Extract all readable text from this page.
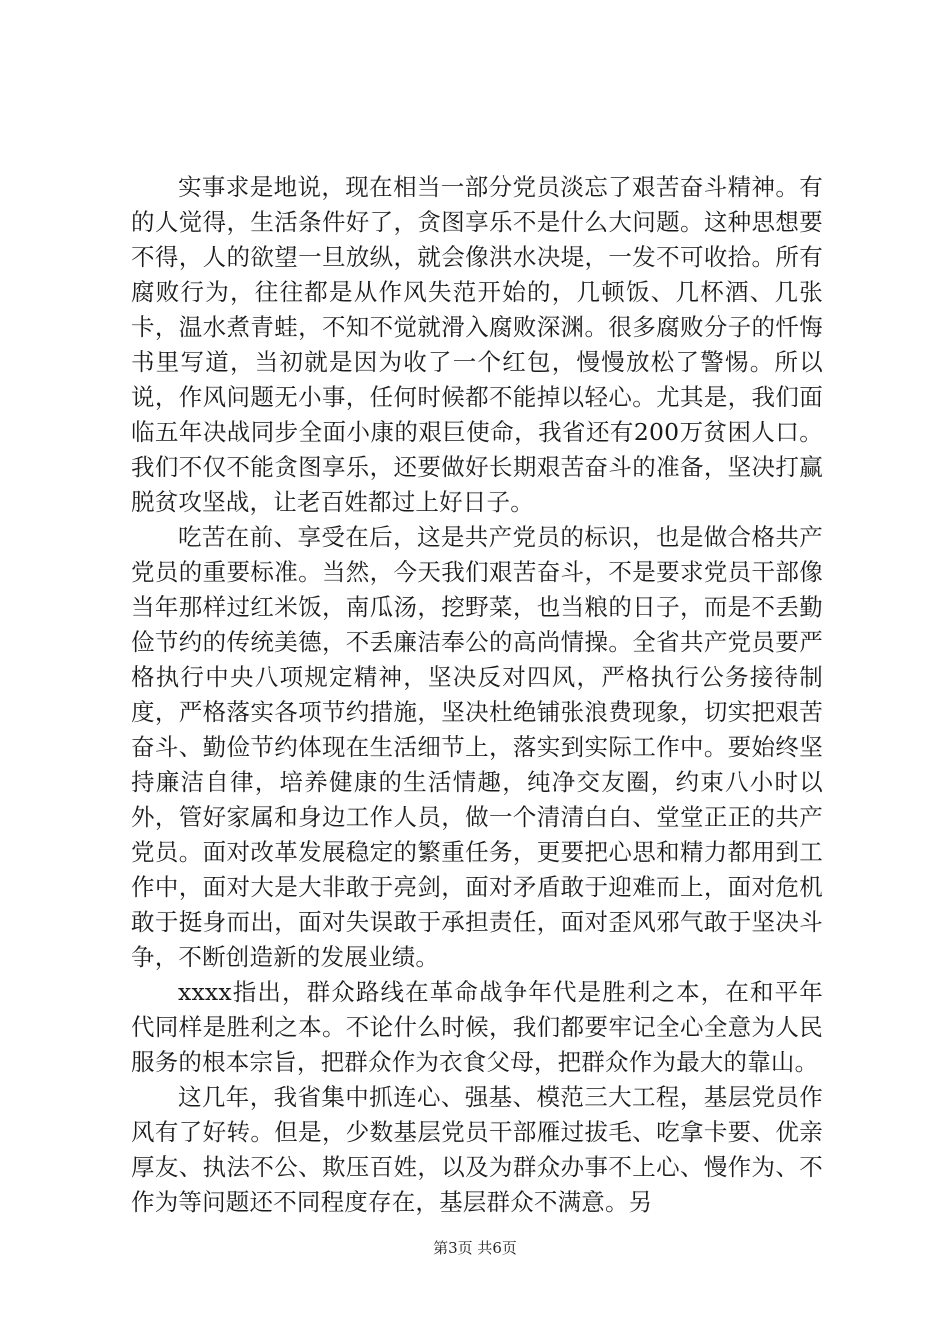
实事求是地说，现在相当一部分党员淡忘了艰苦奋斗精神。有的人觉得，生活条件好了，贪图享乐不是什么大问题。这种思想要不得，人的欲望一旦放纵，就会像洪水决堤，一发不可收拾。所有腐败行为，往往都是从作风失范开始的，几顿饭、几杯酒、几张卡，温水煮青蛙，不知不觉就滑入腐败深渊。很多腐败分子的忏悔书里写道，当初就是因为收了一个红包，慢慢放松了警惕。所以说，作风问题无小事，任何时候都不能掉以轻心。尤其是，我们面临五年决战同步全面小康的艰巨使命，我省还有200万贫困人口。我们不仅不能贪图享乐，还要做好长期艰苦奋斗的准备，坚决打赢脱贫攻坚战，让老百姓都过上好日子。

吃苦在前、享受在后，这是共产党员的标识，也是做合格共产党员的重要标准。当然，今天我们艰苦奋斗，不是要求党员干部像当年那样过红米饭，南瓜汤，挖野菜，也当粮的日子，而是不丢勤俭节约的传统美德，不丢廉洁奉公的高尚情操。全省共产党员要严格执行中央八项规定精神，坚决反对四风，严格执行公务接待制度，严格落实各项节约措施，坚决杜绝铺张浪费现象，切实把艰苦奋斗、勤俭节约体现在生活细节上，落实到实际工作中。要始终坚持廉洁自律，培养健康的生活情趣，纯净交友圈，约束八小时以外，管好家属和身边工作人员，做一个清清白白、堂堂正正的共产党员。面对改革发展稳定的繁重任务，更要把心思和精力都用到工作中，面对大是大非敢于亮剑，面对矛盾敢于迎难而上，面对危机敢于挺身而出，面对失误敢于承担责任，面对歪风邪气敢于坚决斗争，不断创造新的发展业绩。

xxxx指出，群众路线在革命战争年代是胜利之本，在和平年代同样是胜利之本。不论什么时候，我们都要牢记全心全意为人民服务的根本宗旨，把群众作为衣食父母，把群众作为最大的靠山。

这几年，我省集中抓连心、强基、模范三大工程，基层党员作风有了好转。但是，少数基层党员干部雁过拔毛、吃拿卡要、优亲厚友、执法不公、欺压百姓，以及为群众办事不上心、慢作为、不作为等问题还不同程度存在，基层群众不满意。另

第3页 共6页
